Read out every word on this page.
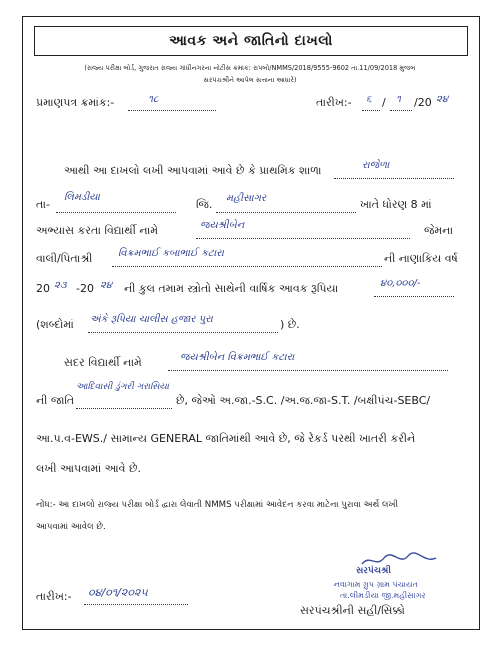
આવક અને જાતિનો દાખલો
(રાજ્ય પરીક્ષા બોર્ડ, ગુજરાત રાજ્ય ગાંધીનગરના નોટીસ ક્રમાંક: રાપબો/NMMS/2018/9555-9602 તા.11/09/2018 મુજબ
સરપંચશ્રીને આપેલ સત્તાના આધારે)
પ્રમાણપત્ર ક્રમાંક:-	૧૮	તારીખ:- ૬ / ૧ /20 ૨૪
આથી આ દાખલો લખી આપવામાં આવે છે કે પ્રાથમિક શાળા	રાજેળા
તા-
લિમડીયા
જિ. મહીસાગર	ખાતે ધોરણ 8 માં
અભ્યાસ કરતા વિદ્યાર્થી નામે	જયશ્રીબેન	જેમના
વાલી/પિતાશ્રી	વિક્રમભાઈ કબાભાઈ કટારા	ની નાણાકિય વર્ષ
20 ૨૩ -20 ૨૪ ની કુલ તમામ સ્ત્રોતો સાથેની વાર્ષિક આવક રૂપિયા	૪૦,૦૦૦/-
(શબ્દોમાં અંકે રૂપિયા ચાલીસ હજાર પુરા	) છે.
સદર વિદ્યાર્થી નામે	જયશ્રીબેન વિક્રમભાઈ કટારા
ની જાતિ
આદિવાસી ડુંગરી ગરાસિયા
છે, જેઓ અ.જા.-S.C. /અ.જ.જા-S.T. /બક્ષીપંચ-SEBC/
આ.પ.વ-EWS./ સામાન્ય GENERAL જાતિમાંથી આવે છે, જે રેકર્ડ પરથી ખાતરી કરીને
લખી આપવામાં આવે છે.
નોંધ:- આ દાખલો રાજ્ય પરીક્ષા બોર્ડ દ્વારા લેવાતી NMMS પરીક્ષામાં આવેદન કરવા માટેના પુરાવા અર્થે લખી
આપવામાં આવેલ છે.
સરપંચશ્રી
નવાગામ ગ્રુપ ગ્રામ પંચાયત
તા.લીમડીયા જી.મહીસાગર
તારીખ:- ૦૪/૦૧/૨૦૨૫
સરપંચશ્રીની સહી/સિક્કો
